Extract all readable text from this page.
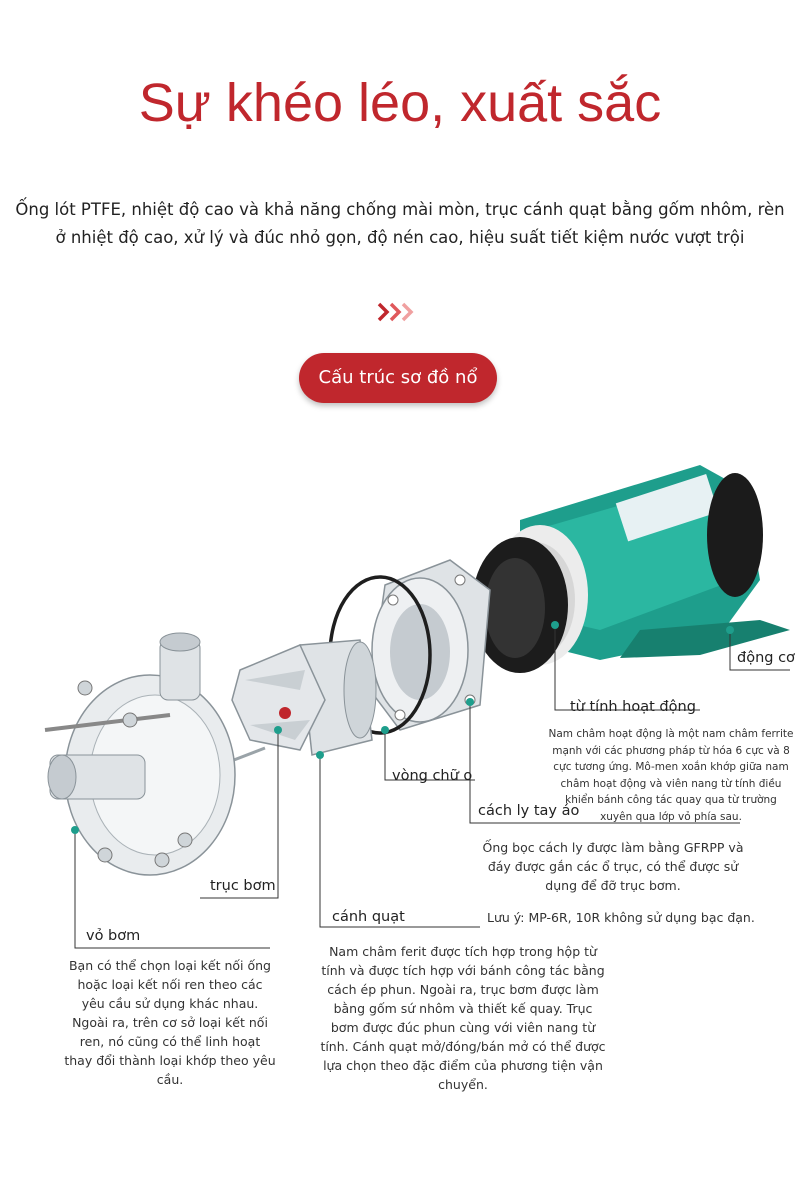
Sự khéo léo, xuất sắc

Ống lót PTFE, nhiệt độ cao và khả năng chống mài mòn, trục cánh quạt bằng gốm nhôm, rèn ở nhiệt độ cao, xử lý và đúc nhỏ gọn, độ nén cao, hiệu suất tiết kiệm nước vượt trội

Cấu trúc sơ đồ nổ
động cơ
từ tính hoạt động
vòng chữ o
cách ly tay áo
trục bơm
cánh quạt
vỏ bơm
Nam châm hoạt động là một nam châm ferrite mạnh với các phương pháp từ hóa 6 cực và 8 cực tương ứng. Mô-men xoắn khớp giữa nam châm hoạt động và viên nang từ tính điều khiển bánh công tác quay qua từ trường xuyên qua lớp vỏ phía sau.
Ống bọc cách ly được làm bằng GFRPP và đáy được gắn các ổ trục, có thể được sử dụng để đỡ trục bơm.
Lưu ý: MP-6R, 10R không sử dụng bạc đạn.
Nam châm ferit được tích hợp trong hộp từ tính và được tích hợp với bánh công tác bằng cách ép phun. Ngoài ra, trục bơm được làm bằng gốm sứ nhôm và thiết kế quay. Trục bơm được đúc phun cùng với viên nang từ tính. Cánh quạt mở/đóng/bán mở có thể được lựa chọn theo đặc điểm của phương tiện vận chuyển.
Bạn có thể chọn loại kết nối ống hoặc loại kết nối ren theo các yêu cầu sử dụng khác nhau. Ngoài ra, trên cơ sở loại kết nối ren, nó cũng có thể linh hoạt thay đổi thành loại khớp theo yêu cầu.
